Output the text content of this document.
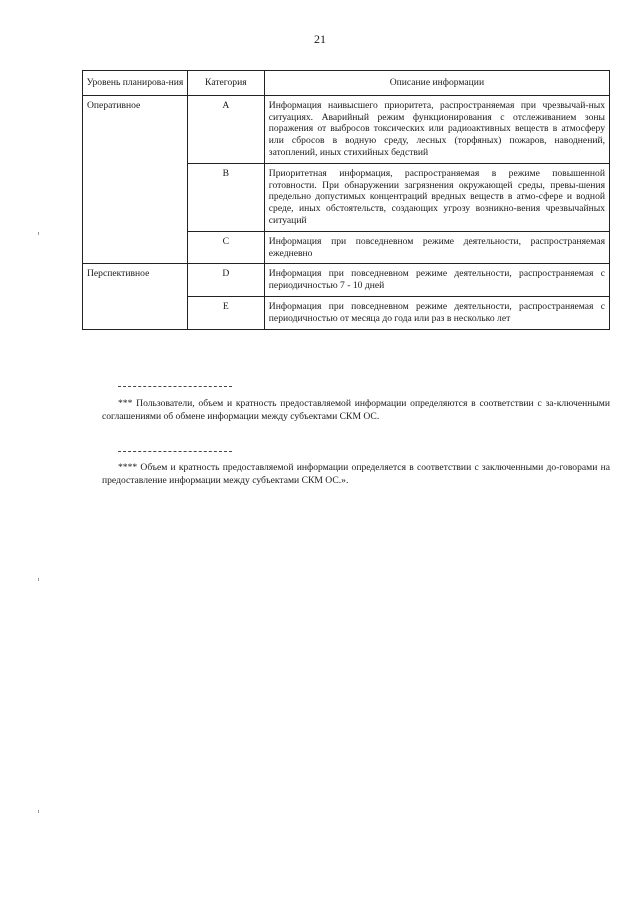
21
Уровень планирова-ния	Категория	Описание информации
Оперативное	A	Информация наивысшего приоритета, распространяемая при чрезвычай-ных ситуациях. Аварийный режим функционирования с отслеживанием зоны поражения от выбросов токсических или радиоактивных веществ в атмосферу или сбросов в водную среду, лесных (торфяных) пожаров, наводнений, затоплений, иных стихийных бедствий
	B	Приоритетная информация, распространяемая в режиме повышенной готовности. При обнаружении загрязнения окружающей среды, превы-шения предельно допустимых концентраций вредных веществ в атмо-сфере и водной среде, иных обстоятельств, создающих угрозу возникно-вения чрезвычайных ситуаций
	C	Информация при повседневном режиме деятельности, распространяемая ежедневно
Перспективное	D	Информация при повседневном режиме деятельности, распространяемая с периодичностью 7 - 10 дней
	E	Информация при повседневном режиме деятельности, распространяемая с периодичностью от месяца до года или раз в несколько лет
*** Пользователи, объем и кратность предоставляемой информации определяются в соответствии с за-ключенными соглашениями об обмене информации между субъектами СКМ ОС.
**** Объем и кратность предоставляемой информации определяется в соответствии с заключенными до-говорами на предоставление информации между субъектами СКМ ОС.».
